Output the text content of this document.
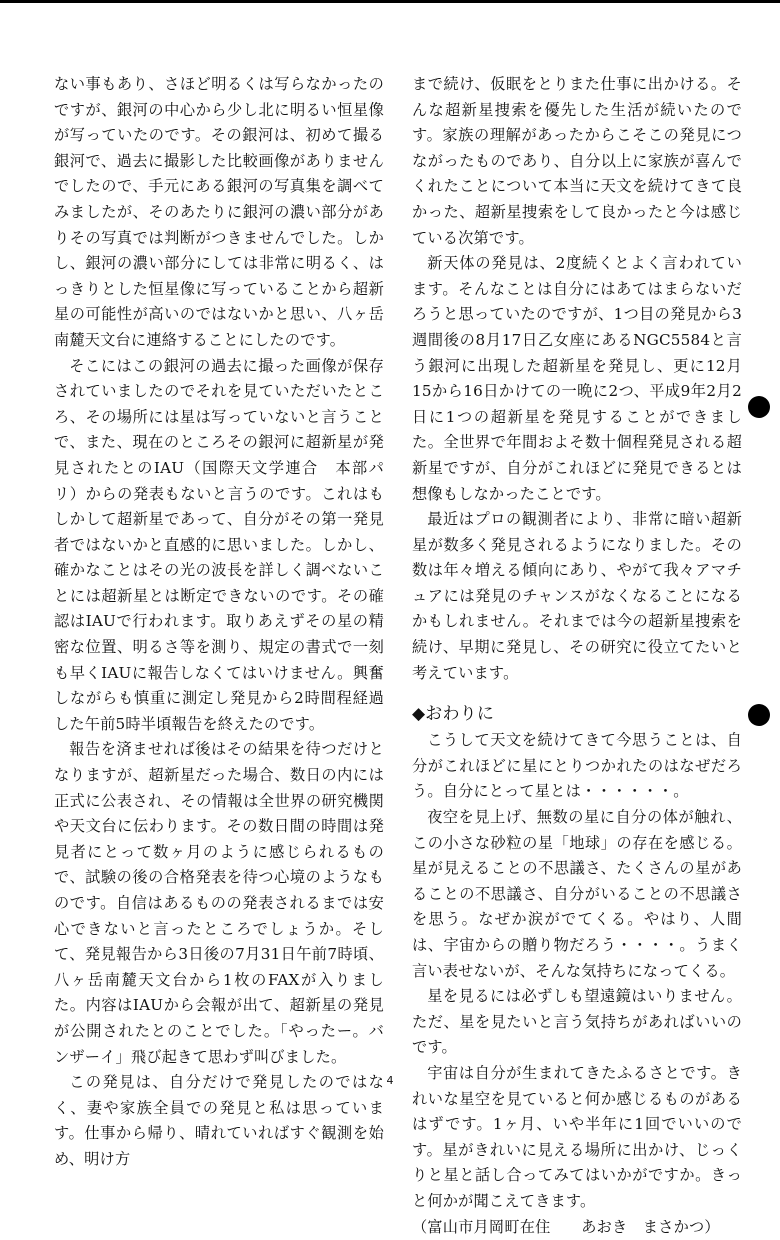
ない事もあり、さほど明るくは写らなかったのですが、銀河の中心から少し北に明るい恒星像が写っていたのです。その銀河は、初めて撮る銀河で、過去に撮影した比較画像がありませんでしたので、手元にある銀河の写真集を調べてみましたが、そのあたりに銀河の濃い部分がありその写真では判断がつきませんでした。しかし、銀河の濃い部分にしては非常に明るく、はっきりとした恒星像に写っていることから超新星の可能性が高いのではないかと思い、八ヶ岳南麓天文台に連絡することにしたのです。

そこにはこの銀河の過去に撮った画像が保存されていましたのでそれを見ていただいたところ、その場所には星は写っていないと言うことで、また、現在のところその銀河に超新星が発見されたとのIAU（国際天文学連合　本部パリ）からの発表もないと言うのです。これはもしかして超新星であって、自分がその第一発見者ではないかと直感的に思いました。しかし、確かなことはその光の波長を詳しく調べないことには超新星とは断定できないのです。その確認はIAUで行われます。取りあえずその星の精密な位置、明るさ等を測り、規定の書式で一刻も早くIAUに報告しなくてはいけません。興奮しながらも慎重に測定し発見から2時間程経過した午前5時半頃報告を終えたのです。

報告を済ませれば後はその結果を待つだけとなりますが、超新星だった場合、数日の内には正式に公表され、その情報は全世界の研究機関や天文台に伝わります。その数日間の時間は発見者にとって数ヶ月のように感じられるもので、試験の後の合格発表を待つ心境のようなものです。自信はあるものの発表されるまでは安心できないと言ったところでしょうか。そして、発見報告から3日後の7月31日午前7時頃、八ヶ岳南麓天文台から1枚のFAXが入りました。内容はIAUから会報が出て、超新星の発見が公開されたとのことでした。「やったー。バンザーイ」飛び起きて思わず叫びました。

この発見は、自分だけで発見したのではなく、妻や家族全員での発見と私は思っています。仕事から帰り、晴れていればすぐ観測を始め、明け方

まで続け、仮眠をとりまた仕事に出かける。そんな超新星捜索を優先した生活が続いたのです。家族の理解があったからこそこの発見につながったものであり、自分以上に家族が喜んでくれたことについて本当に天文を続けてきて良かった、超新星捜索をして良かったと今は感じている次第です。

新天体の発見は、2度続くとよく言われています。そんなことは自分にはあてはまらないだろうと思っていたのですが、1つ目の発見から3週間後の8月17日乙女座にあるNGC5584と言う銀河に出現した超新星を発見し、更に12月15から16日かけての一晩に2つ、平成9年2月2日に1つの超新星を発見することができました。全世界で年間およそ数十個程発見される超新星ですが、自分がこれほどに発見できるとは想像もしなかったことです。

最近はプロの観測者により、非常に暗い超新星が数多く発見されるようになりました。その数は年々増える傾向にあり、やがて我々アマチュアには発見のチャンスがなくなることになるかもしれません。それまでは今の超新星捜索を続け、早期に発見し、その研究に役立てたいと考えています。

◆おわりに

こうして天文を続けてきて今思うことは、自分がこれほどに星にとりつかれたのはなぜだろう。自分にとって星とは・・・・・・。

夜空を見上げ、無数の星に自分の体が触れ、この小さな砂粒の星「地球」の存在を感じる。星が見えることの不思議さ、たくさんの星があることの不思議さ、自分がいることの不思議さを思う。なぜか涙がでてくる。やはり、人間は、宇宙からの贈り物だろう・・・・。うまく言い表せないが、そんな気持ちになってくる。

星を見るには必ずしも望遠鏡はいりません。ただ、星を見たいと言う気持ちがあればいいのです。

宇宙は自分が生まれてきたふるさとです。きれいな星空を見ていると何か感じるものがあるはずです。1ヶ月、いや半年に1回でいいのです。星がきれいに見える場所に出かけ、じっくりと星と話し合ってみてはいかがですか。きっと何かが聞こえてきます。

（富山市月岡町在住　　あおき　まさかつ）

4
